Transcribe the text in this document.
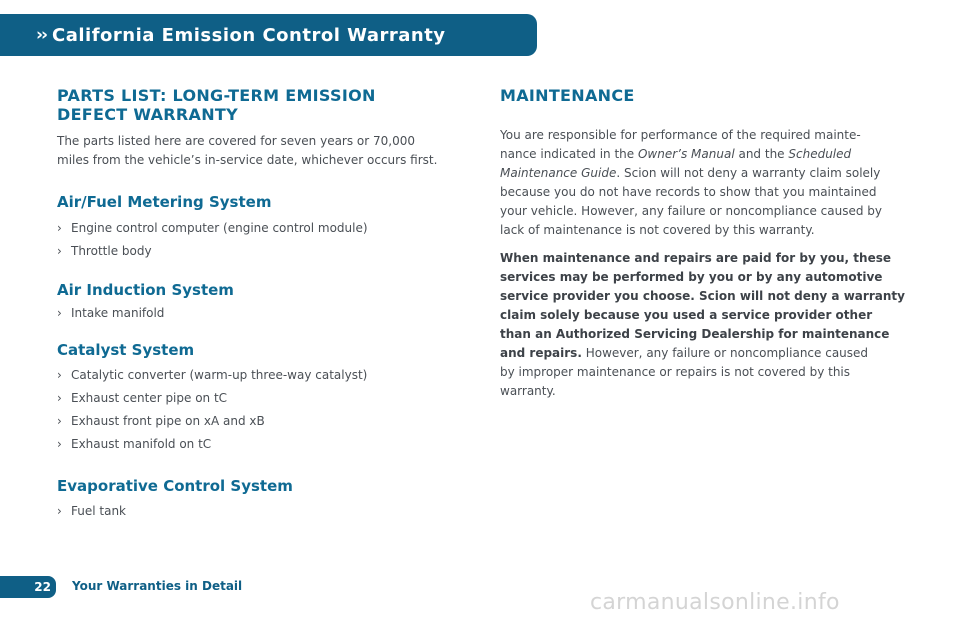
›› California Emission Control Warranty
PARTS LIST: LONG-TERM EMISSION
DEFECT WARRANTY
The parts listed here are covered for seven years or 70,000
miles from the vehicle’s in-service date, whichever occurs first.
Air/Fuel Metering System
› Engine control computer (engine control module)
› Throttle body
Air Induction System
› Intake manifold
Catalyst System
› Catalytic converter (warm-up three-way catalyst)
› Exhaust center pipe on tC
› Exhaust front pipe on xA and xB
› Exhaust manifold on tC
Evaporative Control System
› Fuel tank
MAINTENANCE
You are responsible for performance of the required mainte-
nance indicated in the Owner’s Manual and the Scheduled
Maintenance Guide. Scion will not deny a warranty claim solely
because you do not have records to show that you maintained
your vehicle. However, any failure or noncompliance caused by
lack of maintenance is not covered by this warranty.
When maintenance and repairs are paid for by you, these
services may be performed by you or by any automotive
service provider you choose. Scion will not deny a warranty
claim solely because you used a service provider other
than an Authorized Servicing Dealership for maintenance
and repairs. However, any failure or noncompliance caused
by improper maintenance or repairs is not covered by this
warranty.
22	Your Warranties in Detail
carmanualsonline.info
